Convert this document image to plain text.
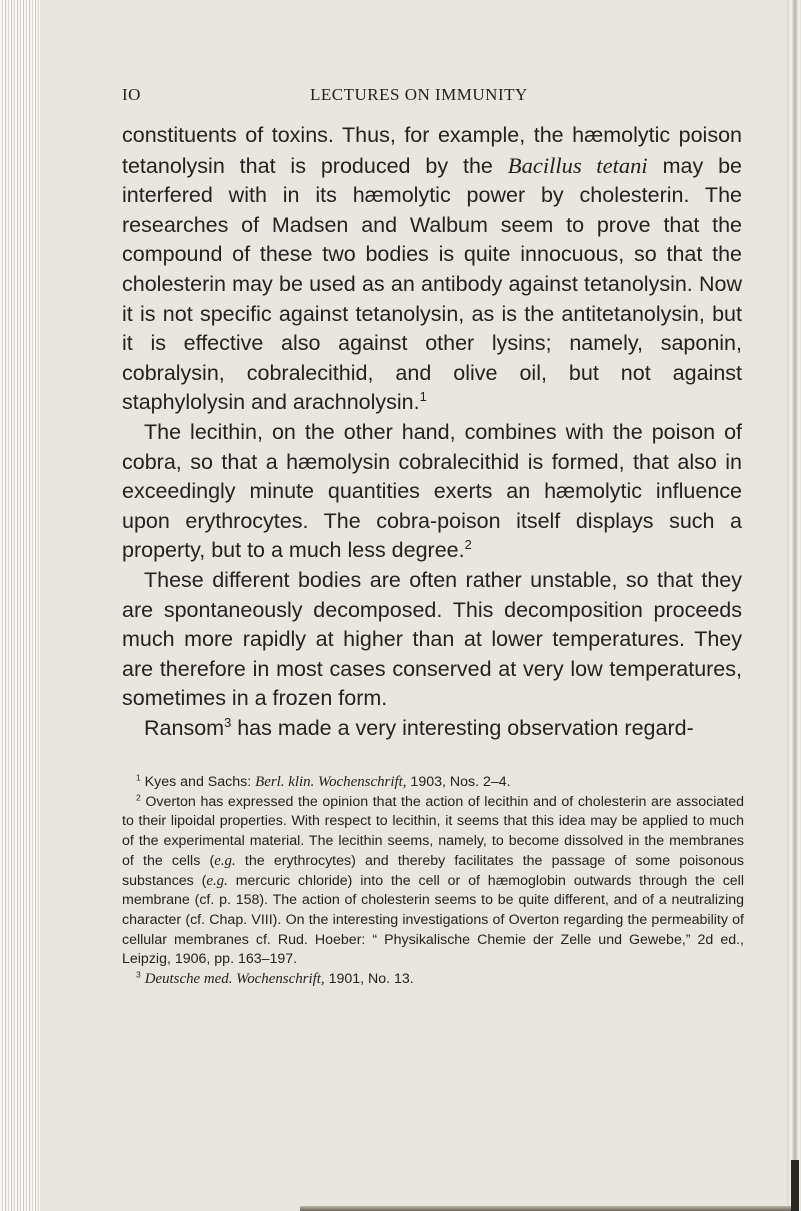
IO	LECTURES ON IMMUNITY

constituents of toxins. Thus, for example, the hæmolytic poison tetanolysin that is produced by the Bacillus tetani may be interfered with in its hæmolytic power by cholesterin. The researches of Madsen and Walbum seem to prove that the compound of these two bodies is quite innocuous, so that the cholesterin may be used as an antibody against tetanolysin. Now it is not specific against tetanolysin, as is the antitetanolysin, but it is effective also against other lysins; namely, saponin, cobralysin, cobralecithid, and olive oil, but not against staphylolysin and arachnolysin.$^1$

The lecithin, on the other hand, combines with the poison of cobra, so that a hæmolysin cobralecithid is formed, that also in exceedingly minute quantities exerts an hæmolytic influence upon erythrocytes. The cobra-poison itself displays such a property, but to a much less degree.$^2$

These different bodies are often rather unstable, so that they are spontaneously decomposed. This decomposition proceeds much more rapidly at higher than at lower temperatures. They are therefore in most cases conserved at very low temperatures, sometimes in a frozen form.

Ransom$^3$ has made a very interesting observation regard-

$^1$ Kyes and Sachs: Berl. klin. Wochenschrift, 1903, Nos. 2–4.

$^2$ Overton has expressed the opinion that the action of lecithin and of cholesterin are associated to their lipoidal properties. With respect to lecithin, it seems that this idea may be applied to much of the experimental material. The lecithin seems, namely, to become dissolved in the membranes of the cells (e.g. the erythrocytes) and thereby facilitates the passage of some poisonous substances (e.g. mercuric chloride) into the cell or of hæmoglobin outwards through the cell membrane (cf. p. 158). The action of cholesterin seems to be quite different, and of a neutralizing character (cf. Chap. VIII). On the interesting investigations of Overton regarding the permeability of cellular membranes cf. Rud. Hoeber: “ Physikalische Chemie der Zelle und Gewebe,” 2d ed., Leipzig, 1906, pp. 163–197.

$^3$ Deutsche med. Wochenschrift, 1901, No. 13.
